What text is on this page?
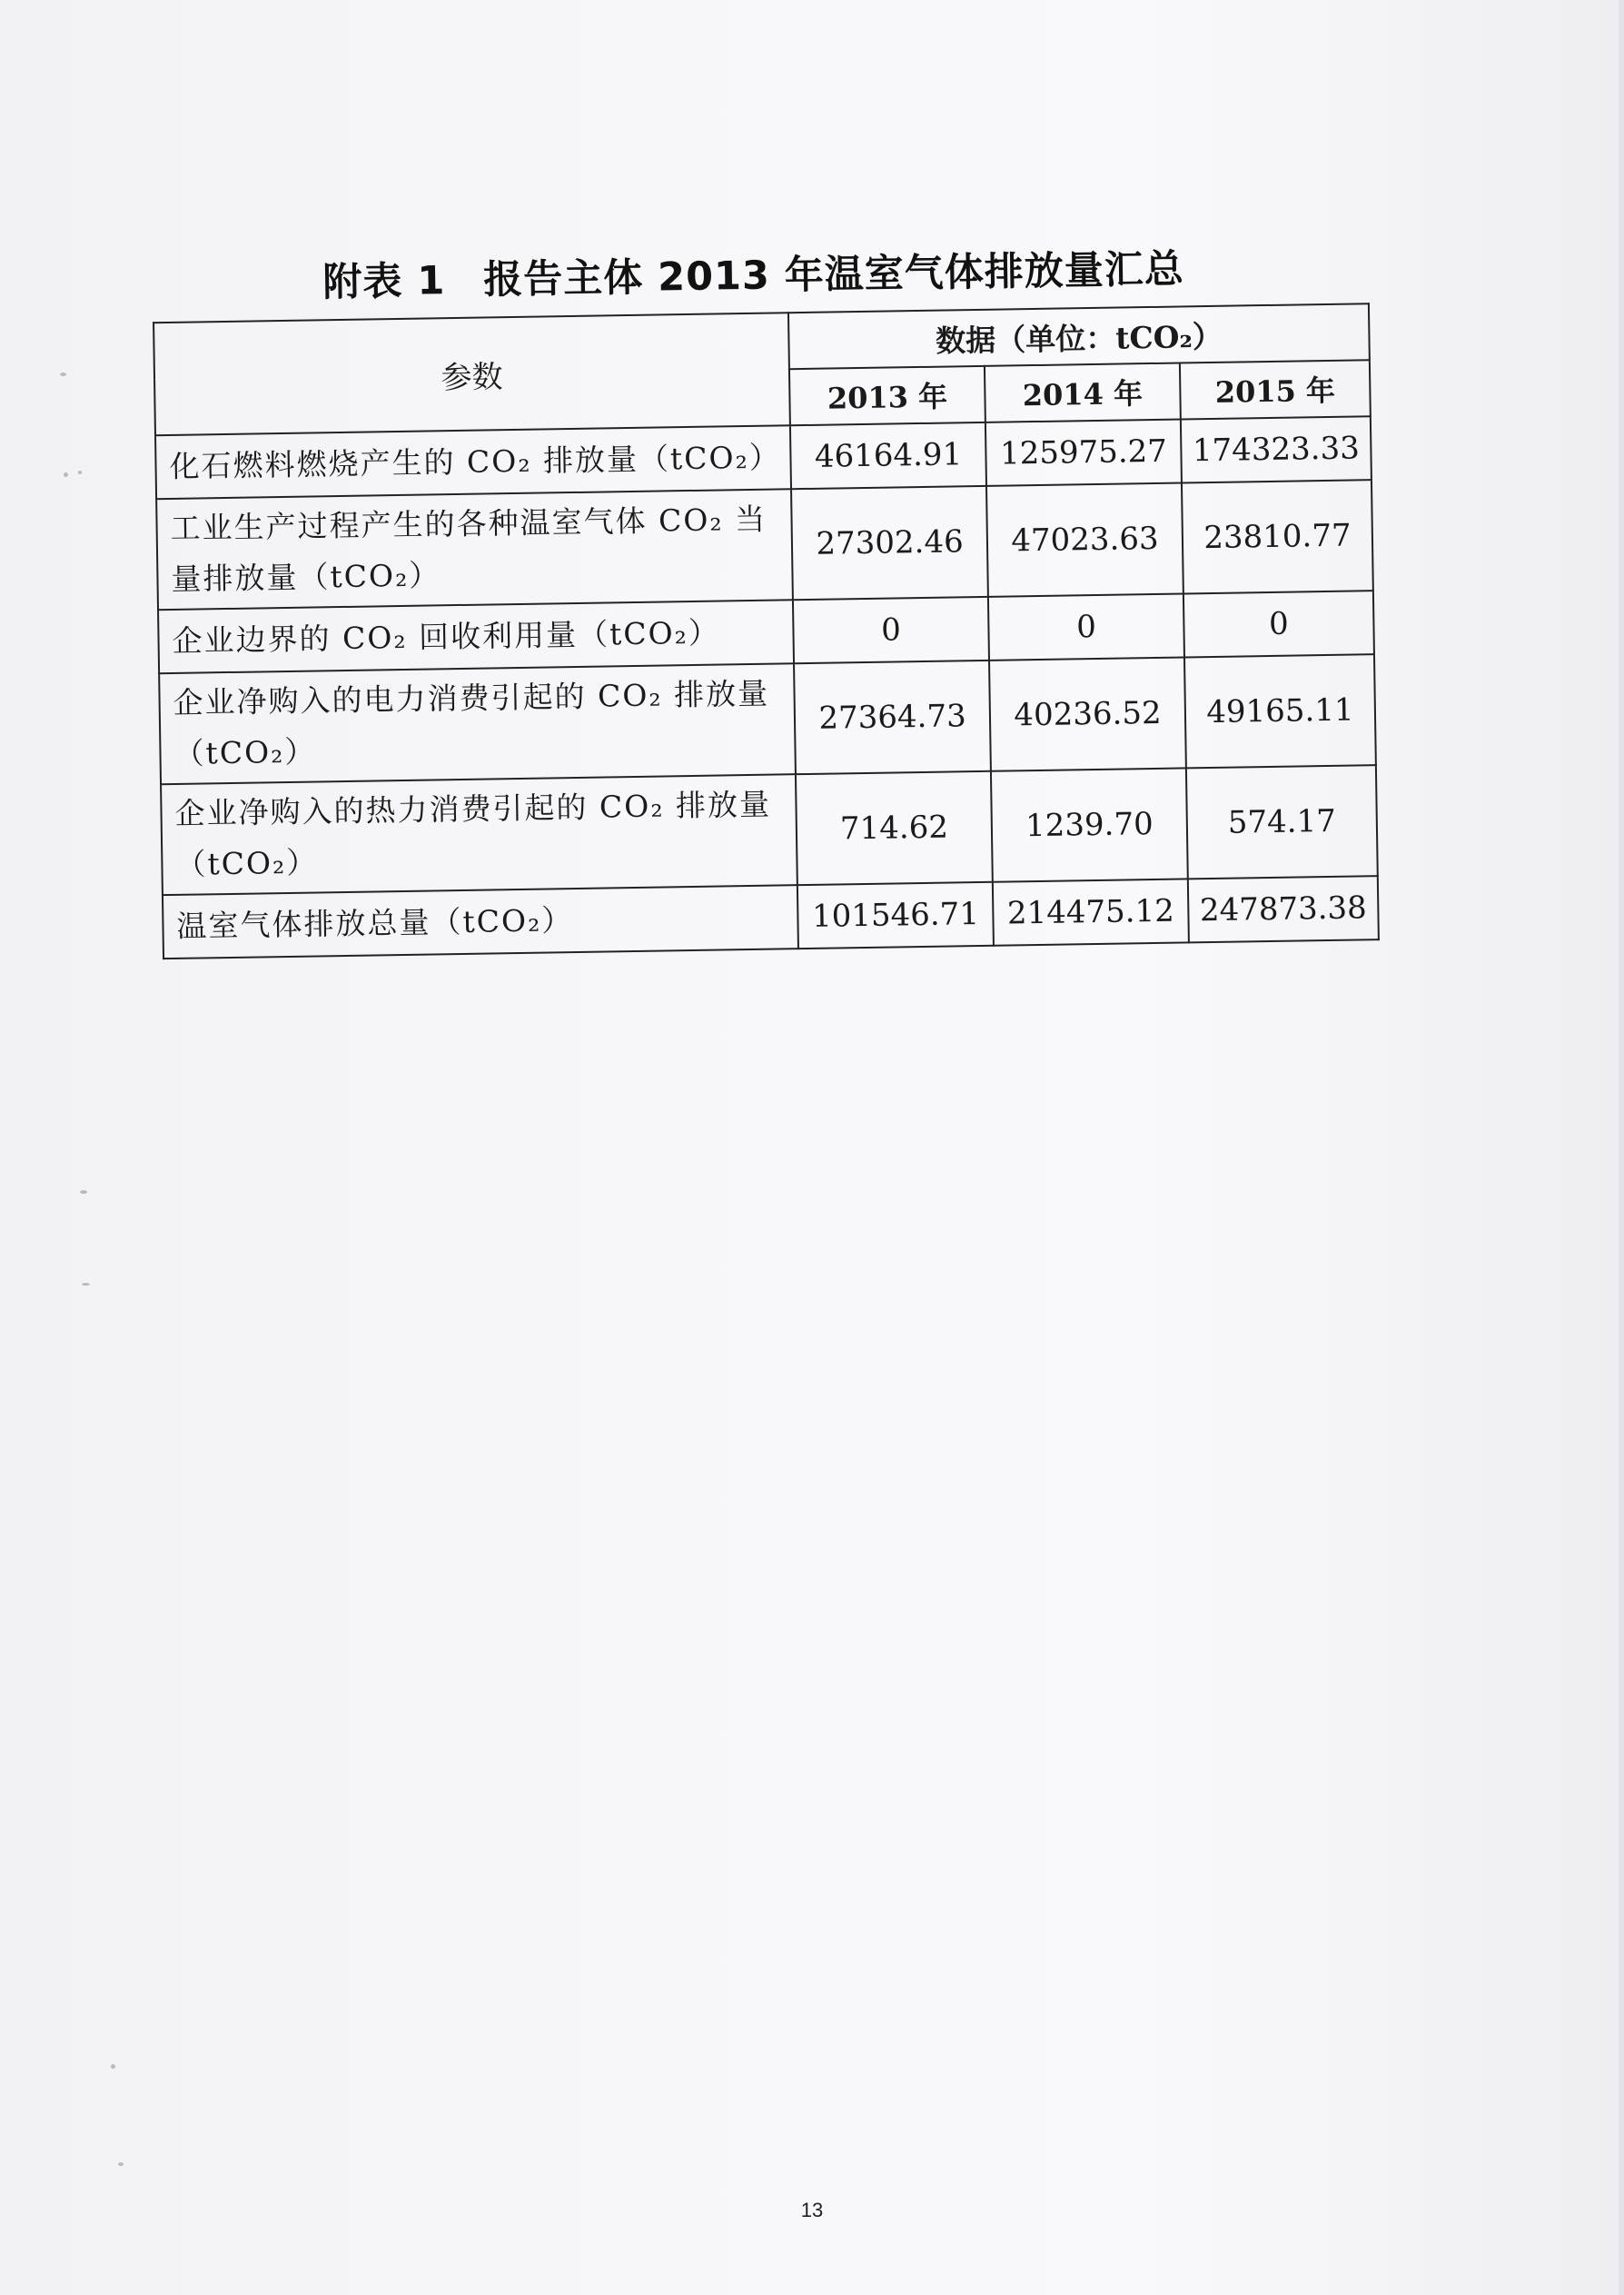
附表 1 报告主体 2013 年温室气体排放量汇总
参数	数据（单位：tCO₂）		
	2013 年	2014 年	2015 年
化石燃料燃烧产生的 CO₂ 排放量（tCO₂）	46164.91	125975.27	174323.33
工业生产过程产生的各种温室气体 CO₂ 当量排放量（tCO₂）	27302.46	47023.63	23810.77
企业边界的 CO₂ 回收利用量（tCO₂）	0	0	0
企业净购入的电力消费引起的 CO₂ 排放量（tCO₂）	27364.73	40236.52	49165.11
企业净购入的热力消费引起的 CO₂ 排放量（tCO₂）	714.62	1239.70	574.17
温室气体排放总量（tCO₂）	101546.71	214475.12	247873.38
13
